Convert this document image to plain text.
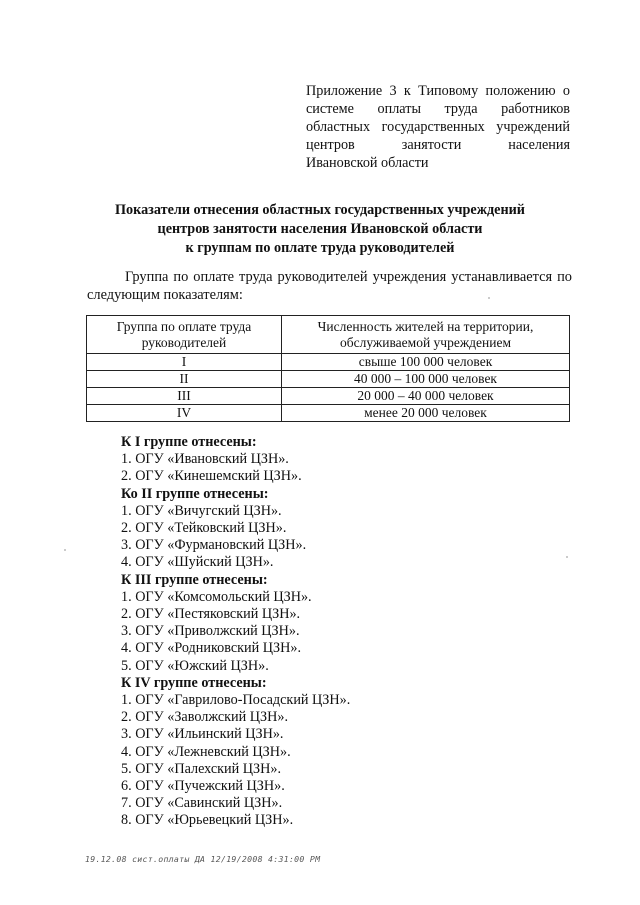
Приложение 3 к Типовому положению о
системе оплаты труда работников
областных государственных учреждений
центров занятости населения
Ивановской области
Показатели отнесения областных государственных учреждений
центров занятости населения Ивановской области
к группам по оплате труда руководителей
Группа по оплате труда руководителей учреждения устанавливается по следующим показателям:
Группа по оплате труда руководителей	Численность жителей на территории, обслуживаемой учреждением
I	свыше 100 000 человек
II	40 000 – 100 000 человек
III	20 000 – 40 000 человек
IV	менее 20 000 человек
К I группе отнесены:
1. ОГУ «Ивановский ЦЗН».
2. ОГУ «Кинешемский ЦЗН».
Ко II группе отнесены:
1. ОГУ «Вичугский ЦЗН».
2. ОГУ «Тейковский ЦЗН».
3. ОГУ «Фурмановский ЦЗН».
4. ОГУ «Шуйский ЦЗН».
К III группе отнесены:
1. ОГУ «Комсомольский ЦЗН».
2. ОГУ «Пестяковский ЦЗН».
3. ОГУ «Приволжский ЦЗН».
4. ОГУ «Родниковский ЦЗН».
5. ОГУ «Южский ЦЗН».
К IV группе отнесены:
1. ОГУ «Гаврилово-Посадский ЦЗН».
2. ОГУ «Заволжский ЦЗН».
3. ОГУ «Ильинский ЦЗН».
4. ОГУ «Лежневский ЦЗН».
5. ОГУ «Палехский ЦЗН».
6. ОГУ «Пучежский ЦЗН».
7. ОГУ «Савинский ЦЗН».
8. ОГУ «Юрьевецкий ЦЗН».
19.12.08 сист.оплаты ДА 12/19/2008 4:31:00 PM
